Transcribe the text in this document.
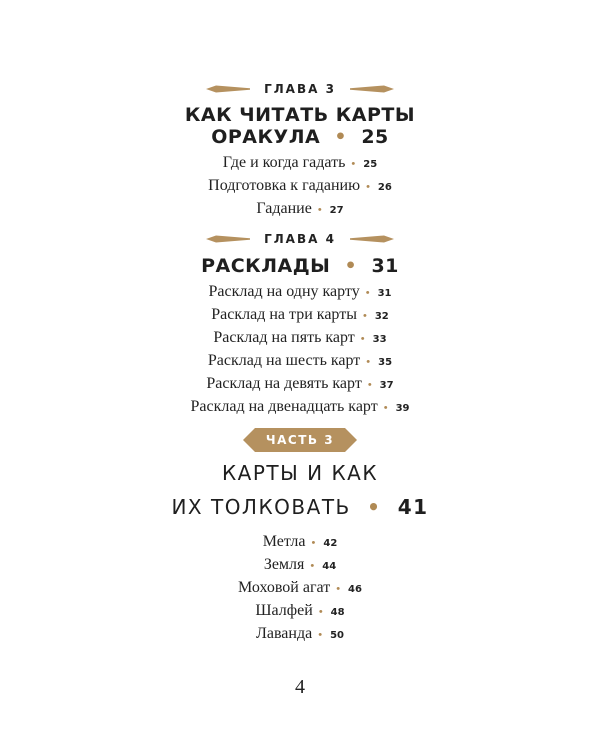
ГЛАВА 3
КАК ЧИТАТЬ КАРТЫ
ОРАКУЛА  •  25
Где и когда гадать • 25
Подготовка к гаданию • 26
Гадание • 27
ГЛАВА 4
РАСКЛАДЫ  •  31
Расклад на одну карту • 31
Расклад на три карты • 32
Расклад на пять карт • 33
Расклад на шесть карт • 35
Расклад на девять карт • 37
Расклад на двенадцать карт • 39
ЧАСТЬ 3
КАРТЫ И КАК
ИХ ТОЛКОВАТЬ  •  41
Метла • 42
Земля • 44
Моховой агат • 46
Шалфей • 48
Лаванда • 50
4
